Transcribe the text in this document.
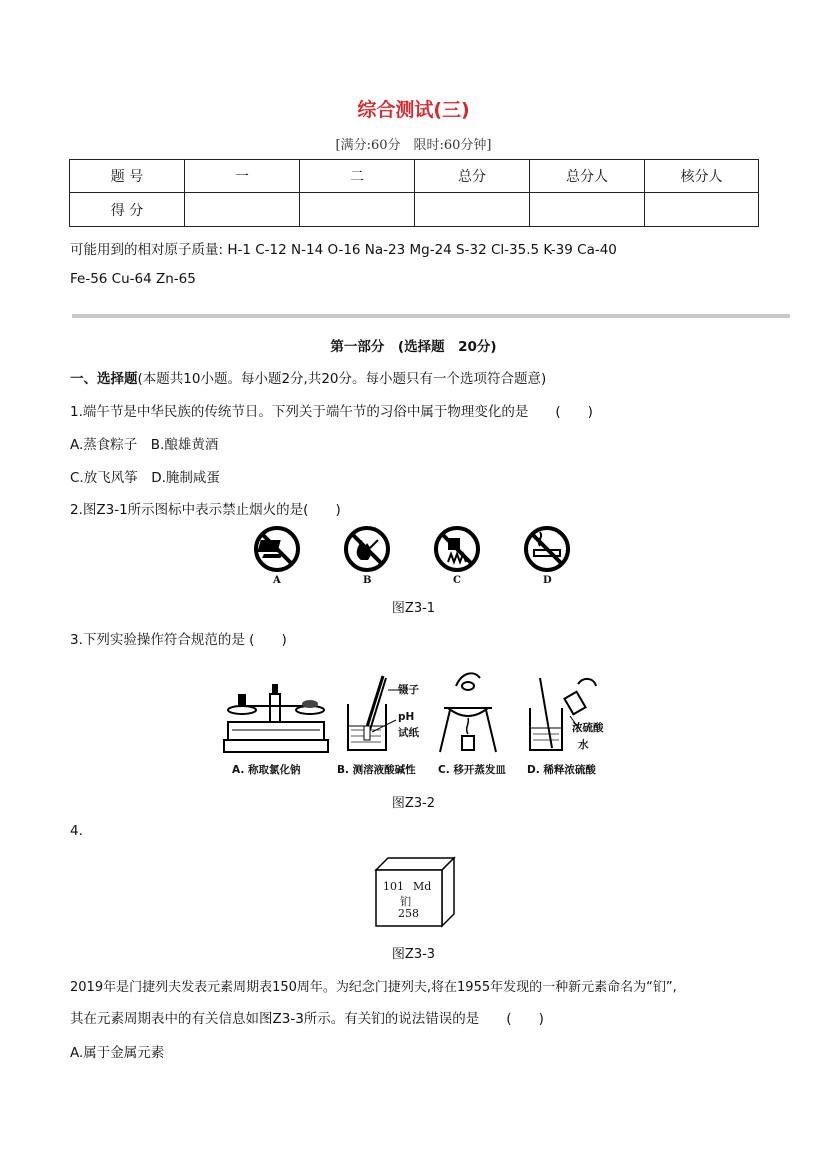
综合测试(三)
[满分:60分　限时:60分钟]
题 号	一	二	总分	总分人	核分人
得 分					
可能用到的相对原子质量: H-1 C-12 N-14 O-16 Na-23 Mg-24 S-32 Cl-35.5 K-39 Ca-40
Fe-56 Cu-64 Zn-65
第一部分　(选择题　20分)
一、选择题(本题共10小题。每小题2分,共20分。每小题只有一个选项符合题意)
1.端午节是中华民族的传统节日。下列关于端午节的习俗中属于物理变化的是　　(　　)
A.蒸食粽子　B.酿雄黄酒
C.放飞风筝　D.腌制咸蛋
2.图Z3-1所示图标中表示禁止烟火的是(　　)
A	B	C	D
图Z3-1
3.下列实验操作符合规范的是 (　　)
镊子
pH
试纸	浓硫酸
水
A. 称取氯化钠	B. 测溶液酸碱性 C. 移开蒸发皿 D. 稀释浓硫酸
图Z3-2
4.
101 Md
钔
258
图Z3-3
2019年是门捷列夫发表元素周期表150周年。为纪念门捷列夫,将在1955年发现的一种新元素命名为“钔”,
其在元素周期表中的有关信息如图Z3-3所示。有关钔的说法错误的是　　(　　)
A.属于金属元素
